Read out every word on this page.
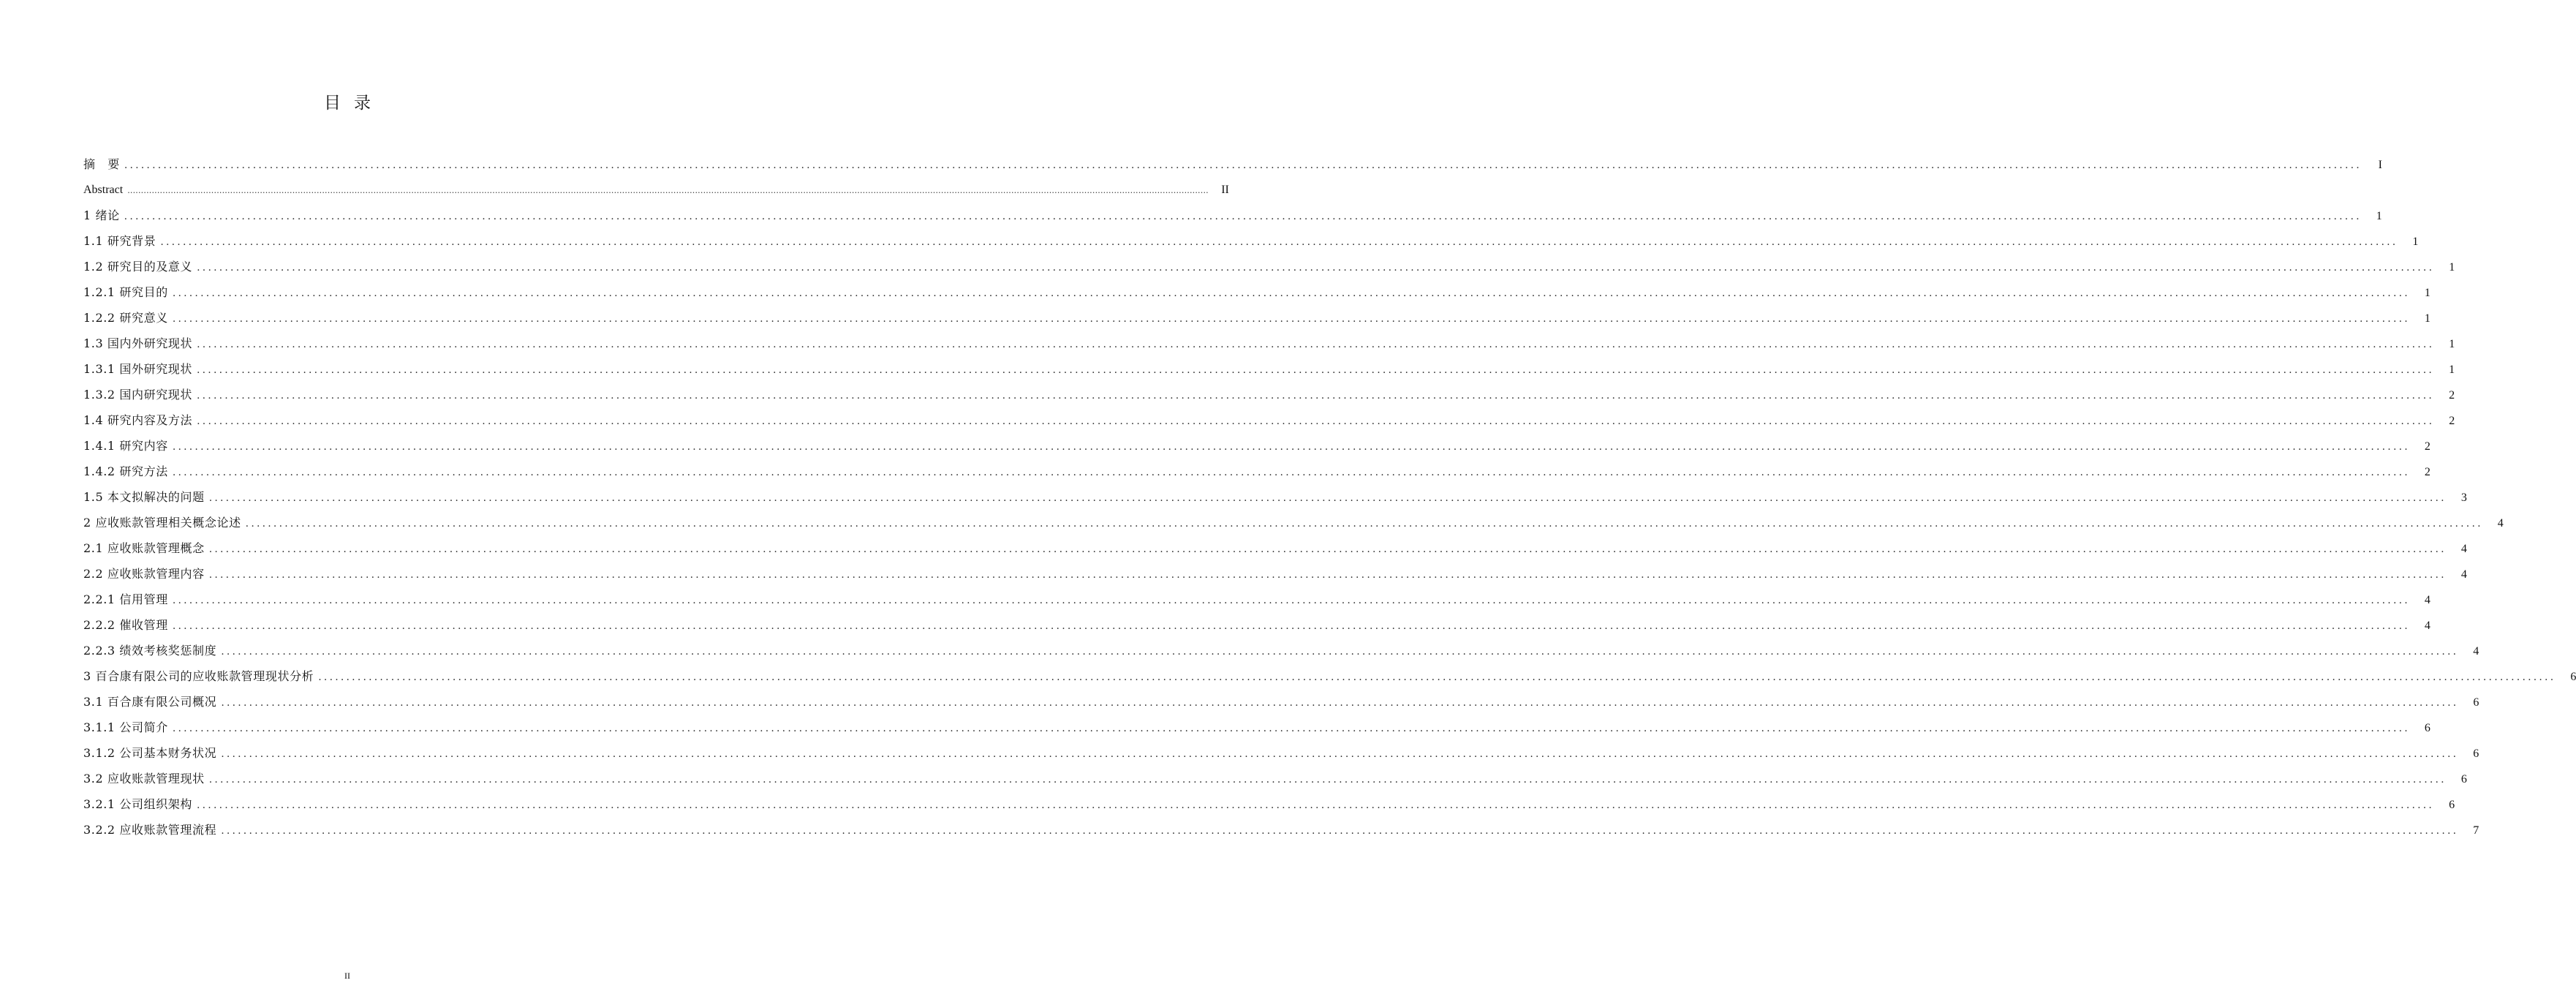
目录
摘　要 ................................................................................................................................................................................................................................................................................................................................................................................................................	I
Abstract ................................................................................................................................................................................................................................................................................................................................................................................................................	II
1 绪论 ................................................................................................................................................................................................................................................................................................................................................................................................................	1
1.1 研究背景 ................................................................................................................................................................................................................................................................................................................................................................................................................	1
1.2 研究目的及意义 ................................................................................................................................................................................................................................................................................................................................................................................................................	1
1.2.1 研究目的 ................................................................................................................................................................................................................................................................................................................................................................................................................	1
1.2.2 研究意义 ................................................................................................................................................................................................................................................................................................................................................................................................................	1
1.3 国内外研究现状 ................................................................................................................................................................................................................................................................................................................................................................................................................	1
1.3.1 国外研究现状 ................................................................................................................................................................................................................................................................................................................................................................................................................	1
1.3.2 国内研究现状 ................................................................................................................................................................................................................................................................................................................................................................................................................	2
1.4 研究内容及方法 ................................................................................................................................................................................................................................................................................................................................................................................................................	2
1.4.1 研究内容 ................................................................................................................................................................................................................................................................................................................................................................................................................	2
1.4.2 研究方法 ................................................................................................................................................................................................................................................................................................................................................................................................................	2
1.5 本文拟解决的问题 ................................................................................................................................................................................................................................................................................................................................................................................................................	3
2 应收账款管理相关概念论述 ................................................................................................................................................................................................................................................................................................................................................................................................................	4
2.1 应收账款管理概念 ................................................................................................................................................................................................................................................................................................................................................................................................................	4
2.2 应收账款管理内容 ................................................................................................................................................................................................................................................................................................................................................................................................................	4
2.2.1 信用管理 ................................................................................................................................................................................................................................................................................................................................................................................................................	4
2.2.2 催收管理 ................................................................................................................................................................................................................................................................................................................................................................................................................	4
2.2.3 绩效考核奖惩制度 ................................................................................................................................................................................................................................................................................................................................................................................................................	4
3 百合康有限公司的应收账款管理现状分析 ................................................................................................................................................................................................................................................................................................................................................................................................................	6
3.1 百合康有限公司概况 ................................................................................................................................................................................................................................................................................................................................................................................................................	6
3.1.1 公司简介 ................................................................................................................................................................................................................................................................................................................................................................................................................	6
3.1.2 公司基本财务状况 ................................................................................................................................................................................................................................................................................................................................................................................................................	6
3.2 应收账款管理现状 ................................................................................................................................................................................................................................................................................................................................................................................................................	6
3.2.1 公司组织架构 ................................................................................................................................................................................................................................................................................................................................................................................................................	6
3.2.2 应收账款管理流程 ................................................................................................................................................................................................................................................................................................................................................................................................................	7
II
